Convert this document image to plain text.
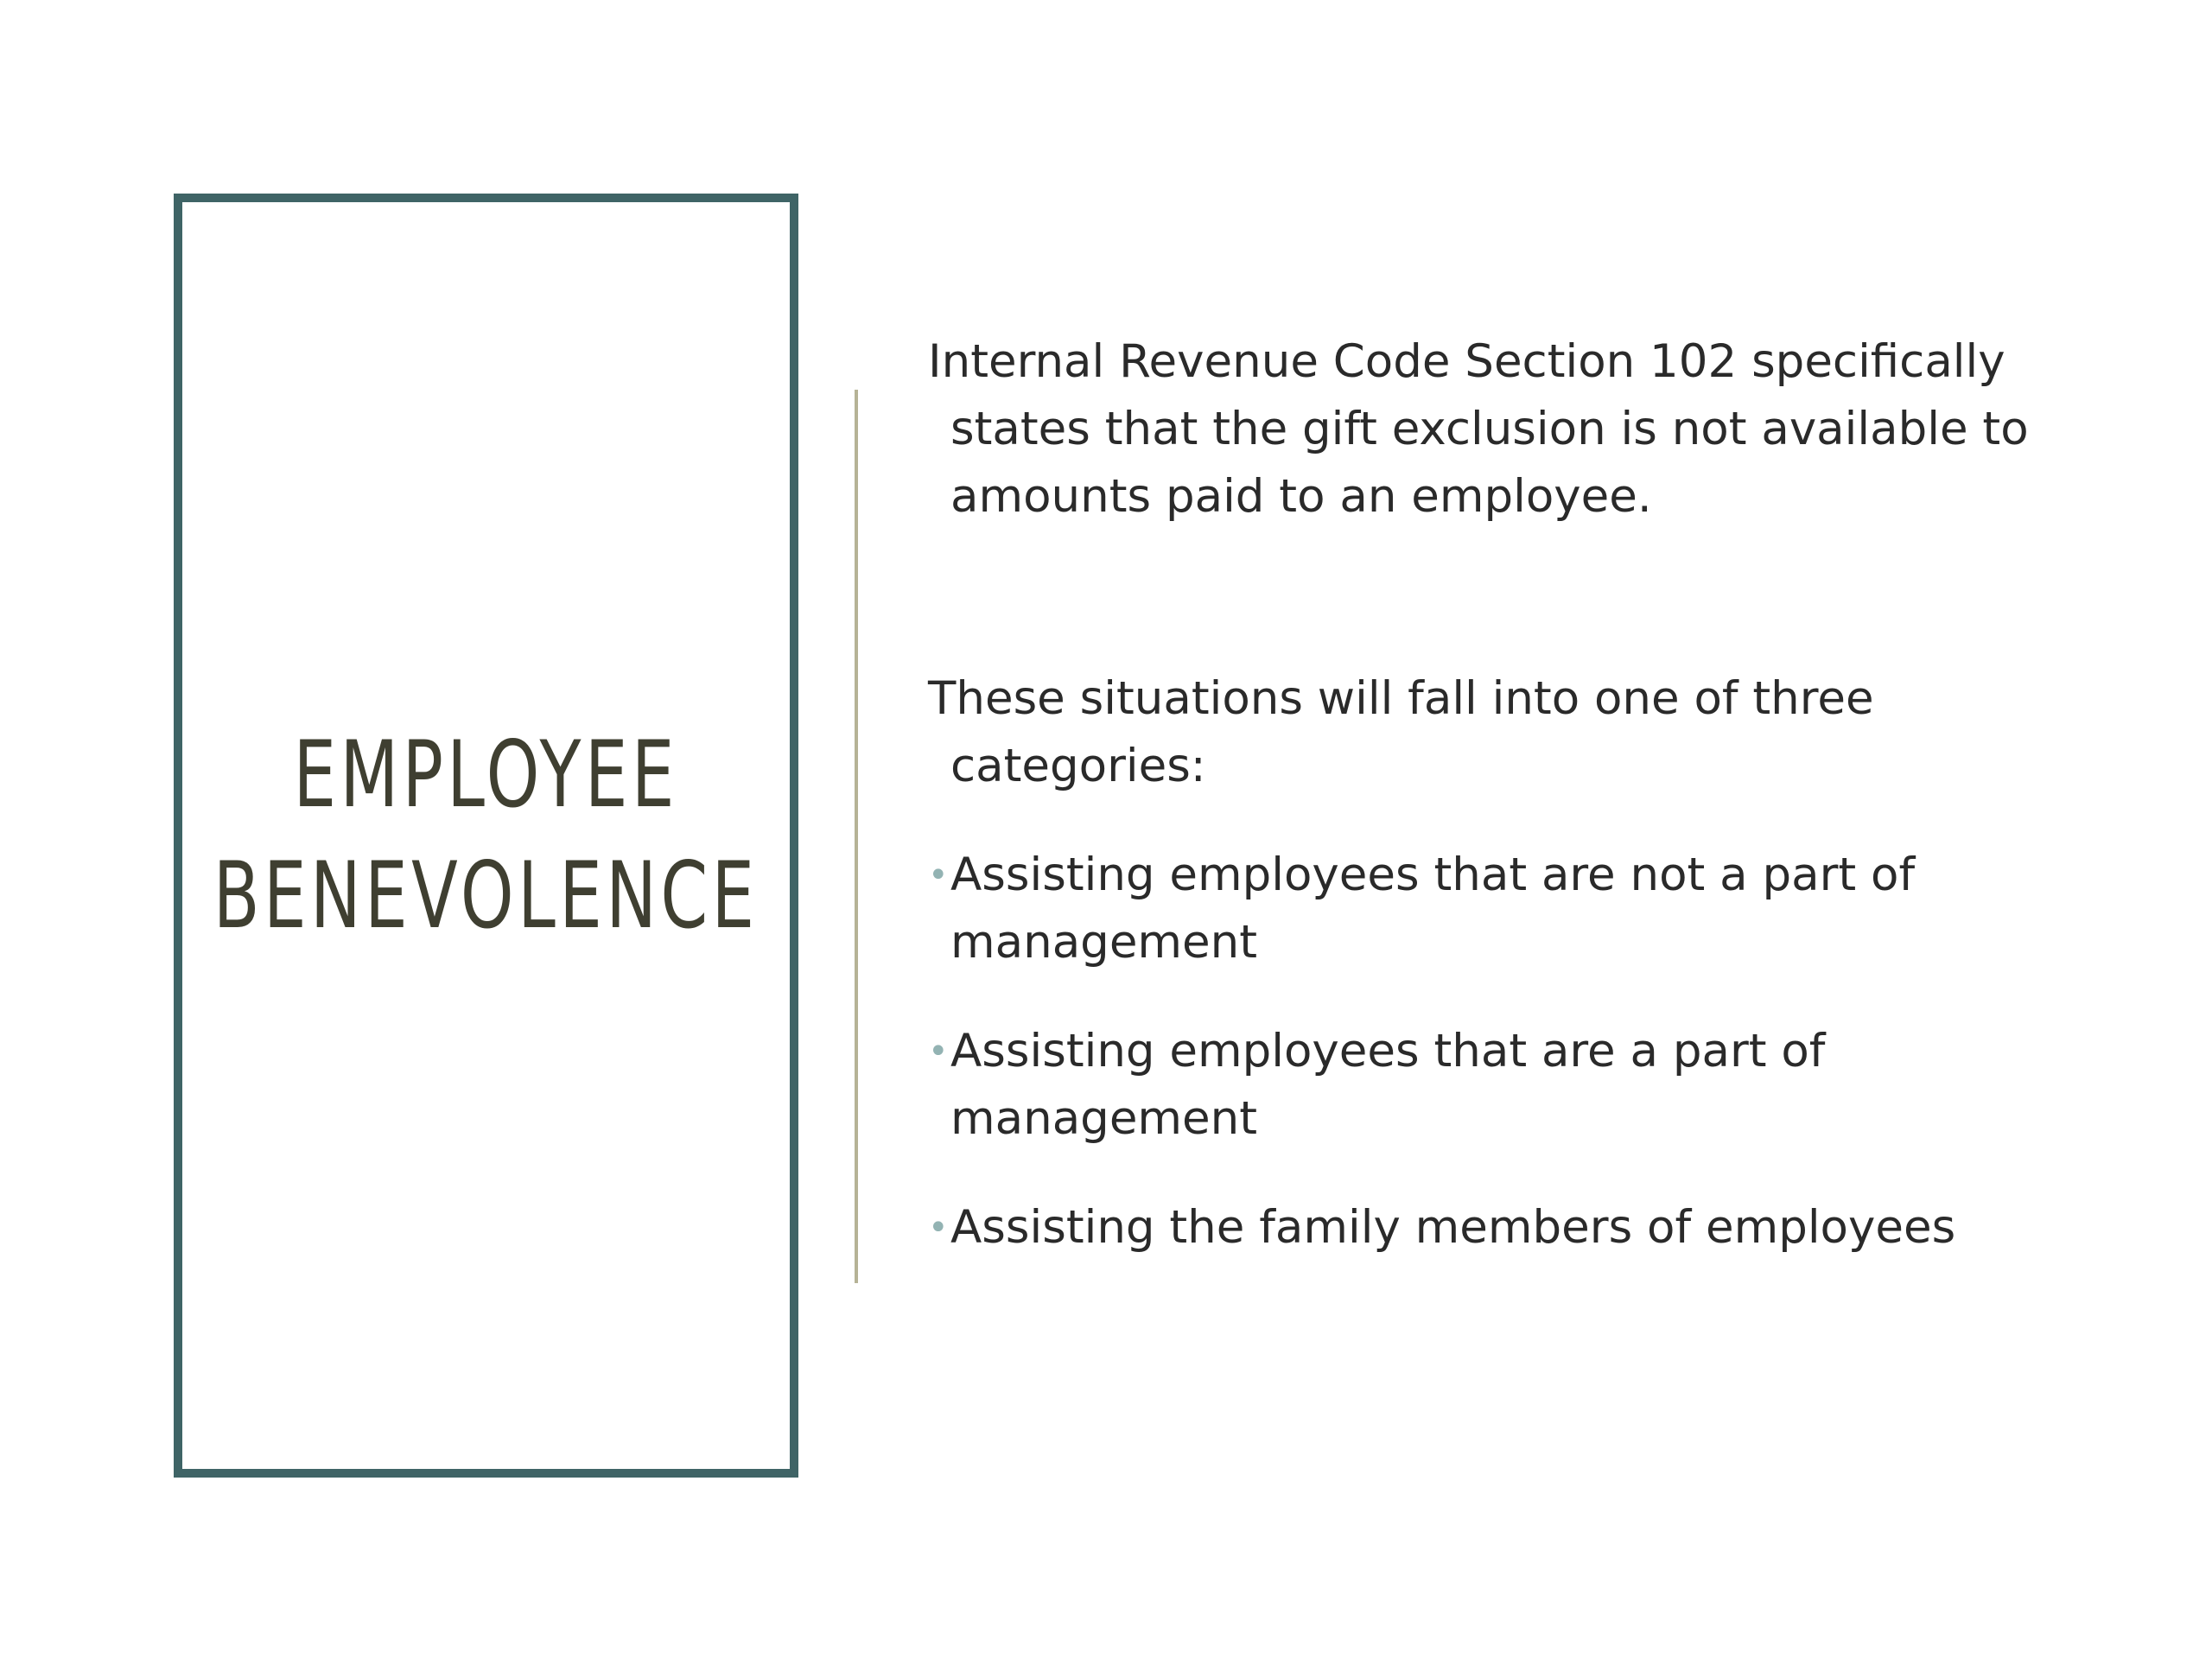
EMPLOYEE
BENEVOLENCE

Internal Revenue Code Section 102 specifically states that the gift exclusion is not available to amounts paid to an employee.

These situations will fall into one of three categories:

• Assisting employees that are not a part of management
• Assisting employees that are a part of management
• Assisting the family members of employees
